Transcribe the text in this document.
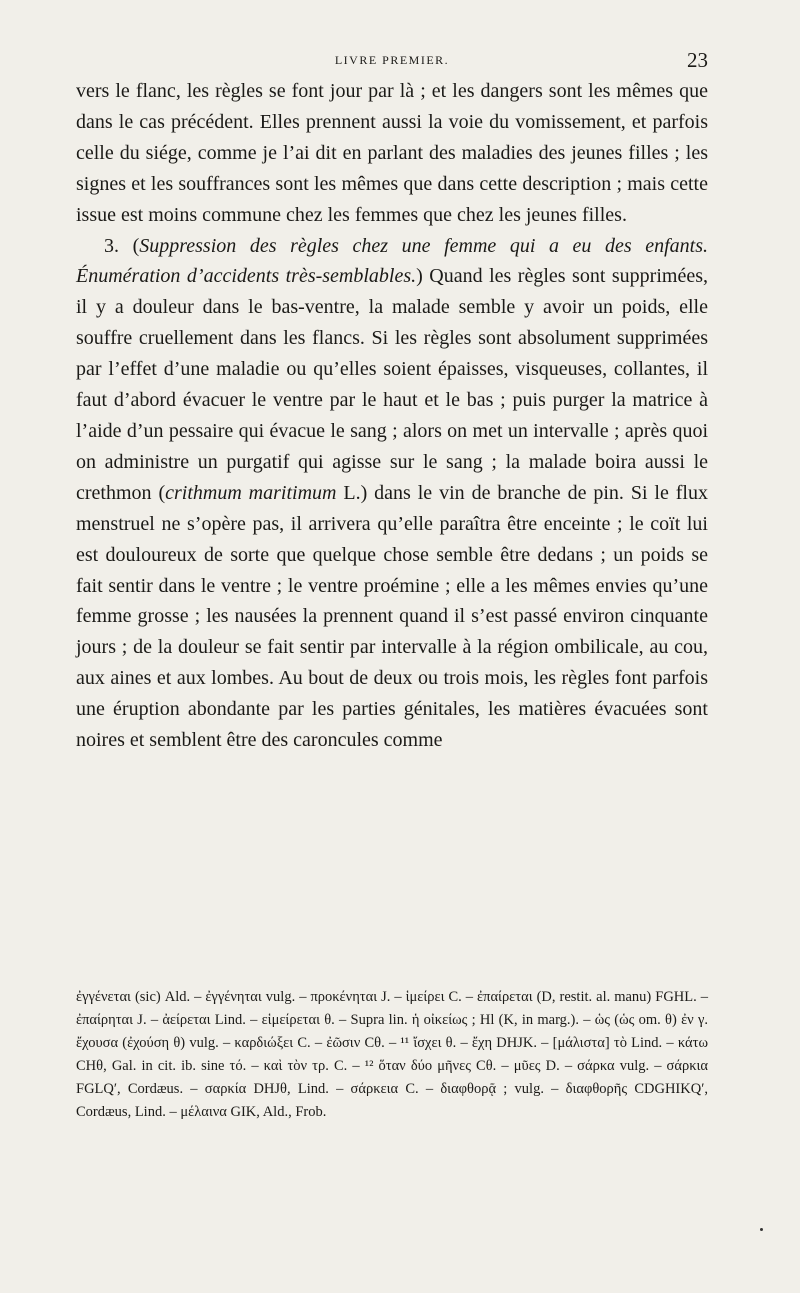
LIVRE PREMIER.	23

vers le flanc, les règles se font jour par là ; et les dangers sont les mêmes que dans le cas précédent. Elles prennent aussi la voie du vomissement, et parfois celle du siége, comme je l’ai dit en parlant des maladies des jeunes filles ; les signes et les souffrances sont les mêmes que dans cette description ; mais cette issue est moins commune chez les femmes que chez les jeunes filles.

3. (Suppression des règles chez une femme qui a eu des enfants. Énumération d’accidents très-semblables.) Quand les règles sont supprimées, il y a douleur dans le bas-ventre, la malade semble y avoir un poids, elle souffre cruellement dans les flancs. Si les règles sont absolument supprimées par l’effet d’une maladie ou qu’elles soient épaisses, visqueuses, collantes, il faut d’abord évacuer le ventre par le haut et le bas ; puis purger la matrice à l’aide d’un pessaire qui évacue le sang ; alors on met un intervalle ; après quoi on administre un purgatif qui agisse sur le sang ; la malade boira aussi le crethmon (crithmum maritimum L.) dans le vin de branche de pin. Si le flux menstruel ne s’opère pas, il arrivera qu’elle paraîtra être enceinte ; le coït lui est douloureux de sorte que quelque chose semble être dedans ; un poids se fait sentir dans le ventre ; le ventre proémine ; elle a les mêmes envies qu’une femme grosse ; les nausées la prennent quand il s’est passé environ cinquante jours ; de la douleur se fait sentir par intervalle à la région ombilicale, au cou, aux aines et aux lombes. Au bout de deux ou trois mois, les règles font parfois une éruption abondante par les parties génitales, les matières évacuées sont noires et semblent être des caroncules comme

ἐγγένεται (sic) Ald. – ἐγγένηται vulg. – προκένηται J. – ἱμείρει C. – ἐπαίρεται (D, restit. al. manu) FGHL. – ἐπαίρηται J. – ἀείρεται Lind. – εἱμείρεται θ. – Supra lin. ἡ οἰκείως ; Hl (K, in marg.). – ὡς (ὡς om. θ) ἐν γ. ἔχουσα (ἐχούση θ) vulg. – καρδιώξει C. – ἐῶσιν Cθ. – ¹¹ ἴσχει θ. – ἔχη DHJK. – [μάλιστα] τὸ Lind. – κάτω CHθ, Gal. in cit. ib. sine τό. – καὶ τὸν τρ. C. – ¹² ὅταν δύο μῆνες Cθ. – μῦες D. – σάρκα vulg. – σάρκια FGLQ′, Cordæus. – σαρκία DHJθ, Lind. – σάρκεια C. – διαφθορᾷ ; vulg. – διαφθορῆς CDGHIKQ′, Cordæus, Lind. – μέλαινα GIK, Ald., Frob.
